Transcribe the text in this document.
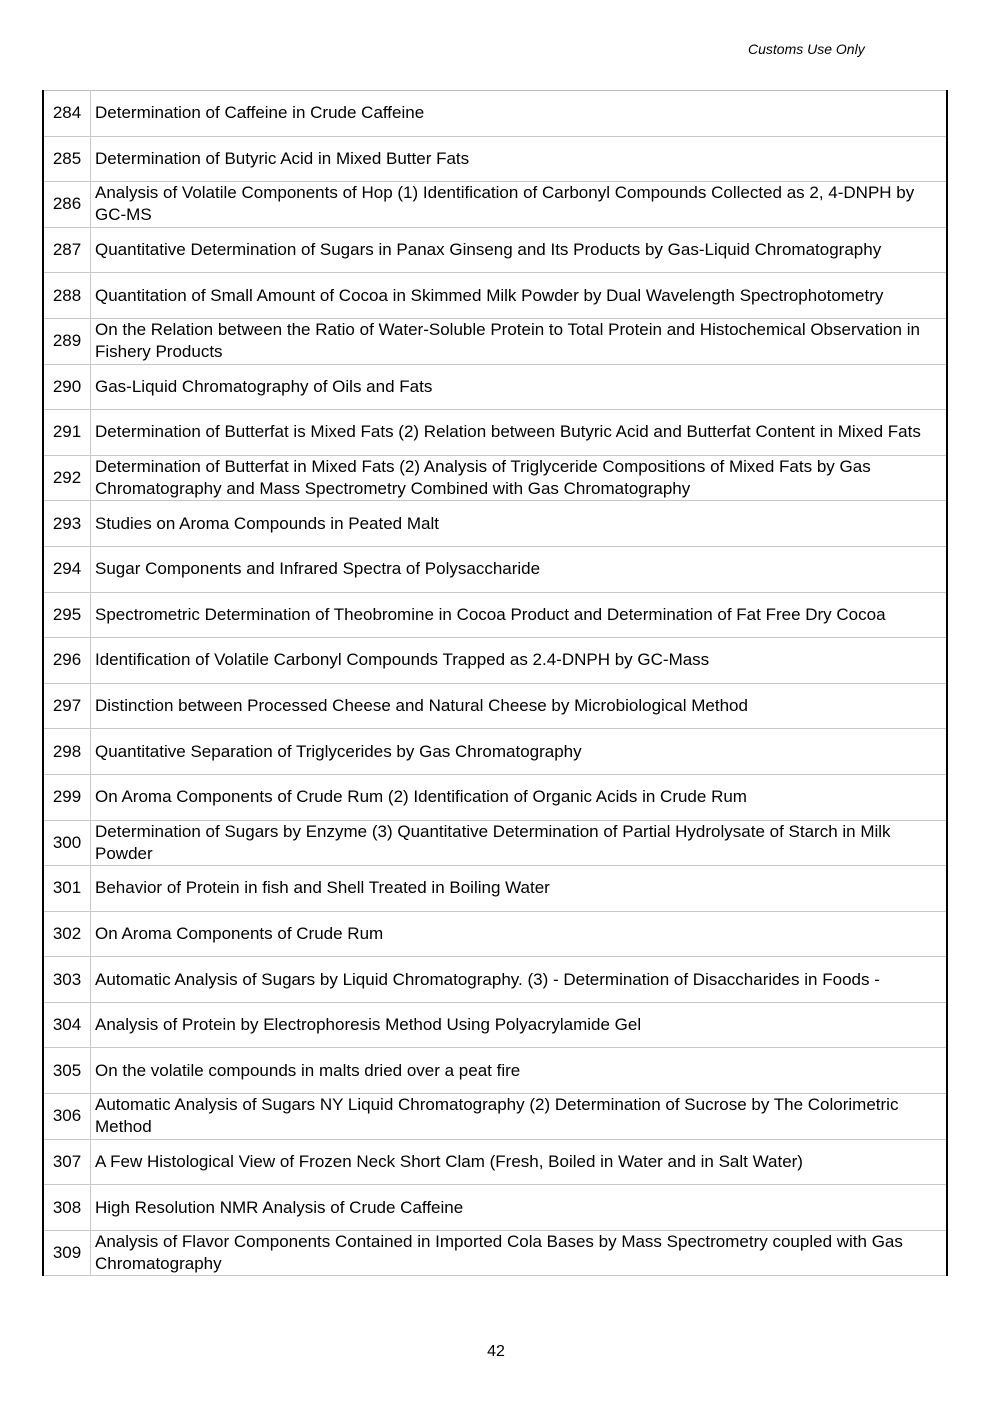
Customs Use Only
284	Determination of Caffeine in Crude Caffeine
285	Determination of Butyric Acid in Mixed Butter Fats
286	Analysis of Volatile Components of Hop (1) Identification of Carbonyl Compounds Collected as 2, 4-DNPH by GC-MS
287	Quantitative Determination of Sugars in Panax Ginseng and Its Products by Gas-Liquid Chromatography
288	Quantitation of Small Amount of Cocoa in Skimmed Milk Powder by Dual Wavelength Spectrophotometry
289	On the Relation between the Ratio of Water-Soluble Protein to Total Protein and Histochemical Observation in Fishery Products
290	Gas-Liquid Chromatography of Oils and Fats
291	Determination of Butterfat is Mixed Fats (2) Relation between Butyric Acid and Butterfat Content in Mixed Fats
292	Determination of Butterfat in Mixed Fats (2) Analysis of Triglyceride Compositions of Mixed Fats by Gas Chromatography and Mass Spectrometry Combined with Gas Chromatography
293	Studies on Aroma Compounds in Peated Malt
294	Sugar Components and Infrared Spectra of Polysaccharide
295	Spectrometric Determination of Theobromine in Cocoa Product and Determination of Fat Free Dry Cocoa
296	Identification of Volatile Carbonyl Compounds Trapped as 2.4-DNPH by GC-Mass
297	Distinction between Processed Cheese and Natural Cheese by Microbiological Method
298	Quantitative Separation of Triglycerides by Gas Chromatography
299	On Aroma Components of Crude Rum (2) Identification of Organic Acids in Crude Rum
300	Determination of Sugars by Enzyme (3) Quantitative Determination of Partial Hydrolysate of Starch in Milk Powder
301	Behavior of Protein in fish and Shell Treated in Boiling Water
302	On Aroma Components of Crude Rum
303	Automatic Analysis of Sugars by Liquid Chromatography. (3) - Determination of Disaccharides in Foods -
304	Analysis of Protein by Electrophoresis Method Using Polyacrylamide Gel
305	On the volatile compounds in malts dried over a peat fire
306	Automatic Analysis of Sugars NY Liquid Chromatography (2) Determination of Sucrose by The Colorimetric Method
307	A Few Histological View of Frozen Neck Short Clam (Fresh, Boiled in Water and in Salt Water)
308	High Resolution NMR Analysis of Crude Caffeine
309	Analysis of Flavor Components Contained in Imported Cola Bases by Mass Spectrometry coupled with Gas Chromatography
42
